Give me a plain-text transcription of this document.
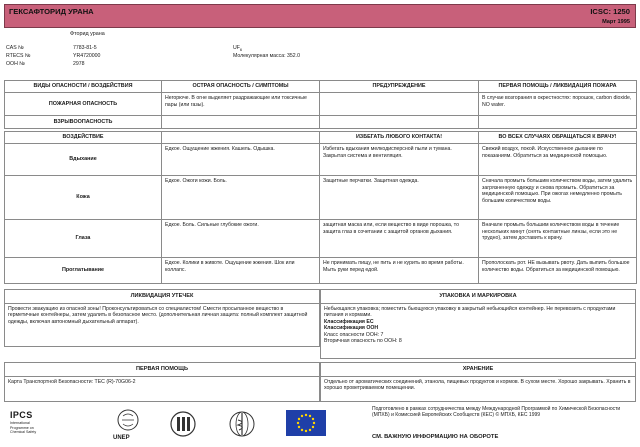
ГЕКСАФТОРИД УРАНА	ICSC: 1250
Март 1995
Фторид урана
CAS №	7783-81-5	$UF_6$
RTECS №	YR4720000	Молекулярная масса: 352.0
ООН №	2978
ВИДЫ ОПАСНОСТИ / ВОЗДЕЙСТВИЯ	ОСТРАЯ ОПАСНОСТЬ / СИМПТОМЫ	ПРЕДУПРЕЖДЕНИЕ	ПЕРВАЯ ПОМОЩЬ / ЛИКВИДАЦИЯ ПОЖАРА
ПОЖАРНАЯ ОПАСНОСТЬ	Негорюче. В огне выделяет раздражающие или токсичные пары (или газы).		В случае возгорания в окрестностях: порошок, carbon dioxide, NO water.
ВЗРЫВООПАСНОСТЬ			
ВОЗДЕЙСТВИЕ		ИЗБЕГАТЬ ЛЮБОГО КОНТАКТА!	ВО ВСЕХ СЛУЧАЯХ ОБРАЩАТЬСЯ К ВРАЧУ!
Вдыхание	Едкое. Ощущение жжения. Кашель. Одышка.	Избегать вдыхания мелкодисперсной пыли и тумана. Закрытая система и вентиляция.	Свежий воздух, покой. Искусственное дыхание по показаниям. Обратиться за медицинской помощью.
Кожа	Едкое. Ожоги кожи. Боль.	Защитные перчатки. Защитная одежда.	Сначала промыть большим количеством воды, затем удалить загрязненную одежду и снова промыть. Обратиться за медицинской помощью. При ожогах немедленно промыть большим количеством воды.
Глаза	Едкое. Боль. Сильные глубокие ожоги.	защитная маска или, если вещество в виде порошка, то защита глаз в сочетании с защитой органов дыхания.	Вначале промыть большим количеством воды в течение нескольких минут (снять контактные линзы, если это не трудно), затем доставить к врачу.
Проглатывание	Едкое. Колики в животе. Ощущение жжения. Шок или коллапс.	Не принимать пищу, не пить и не курить во время работы. Мыть руки перед едой.	Прополоскать рот. НЕ вызывать рвоту. Дать выпить большое количество воды. Обратиться за медицинской помощью.
ЛИКВИДАЦИЯ УТЕЧЕК
Провести эвакуацию из опасной зоны! Проконсультироваться со специалистом! Смести просыпанное вещество в герметичные контейнеры, затем удалить в безопасное место. (дополнительная личная защита: полный комплект защитной одежды, включая автономный дыхательный аппарат).
УПАКОВКА И МАРКИРОВКА
Небьющаяся упаковка; поместить бьющуюся упаковку в закрытый небьющийся контейнер. Не перевозить с продуктами питания и кормами.
Классификация ЕС
Классификация ООН
Класс опасности ООН: 7
Вторичная опасность по ООН: 8
ПЕРВАЯ ПОМОЩЬ
Карта Транспортной Безопасности: TEC (R)-70G06-2
ХРАНЕНИЕ
Отдельно от ароматических соединений, этанола, пищевых продуктов и кормов. В сухом месте. Хорошо закрывать. Хранить в хорошо проветриваемом помещении.
IPCS
International
Programme on
Chemical Safety
UNEP
Подготовлено в рамках сотрудничества между Международной Программой по Химической Безопасности (МПХБ) и Комиссией Европейских Сообществ (КЕС) © МПХБ, КЕС 1999
СМ. ВАЖНУЮ ИНФОРМАЦИЮ НА ОБОРОТЕ
